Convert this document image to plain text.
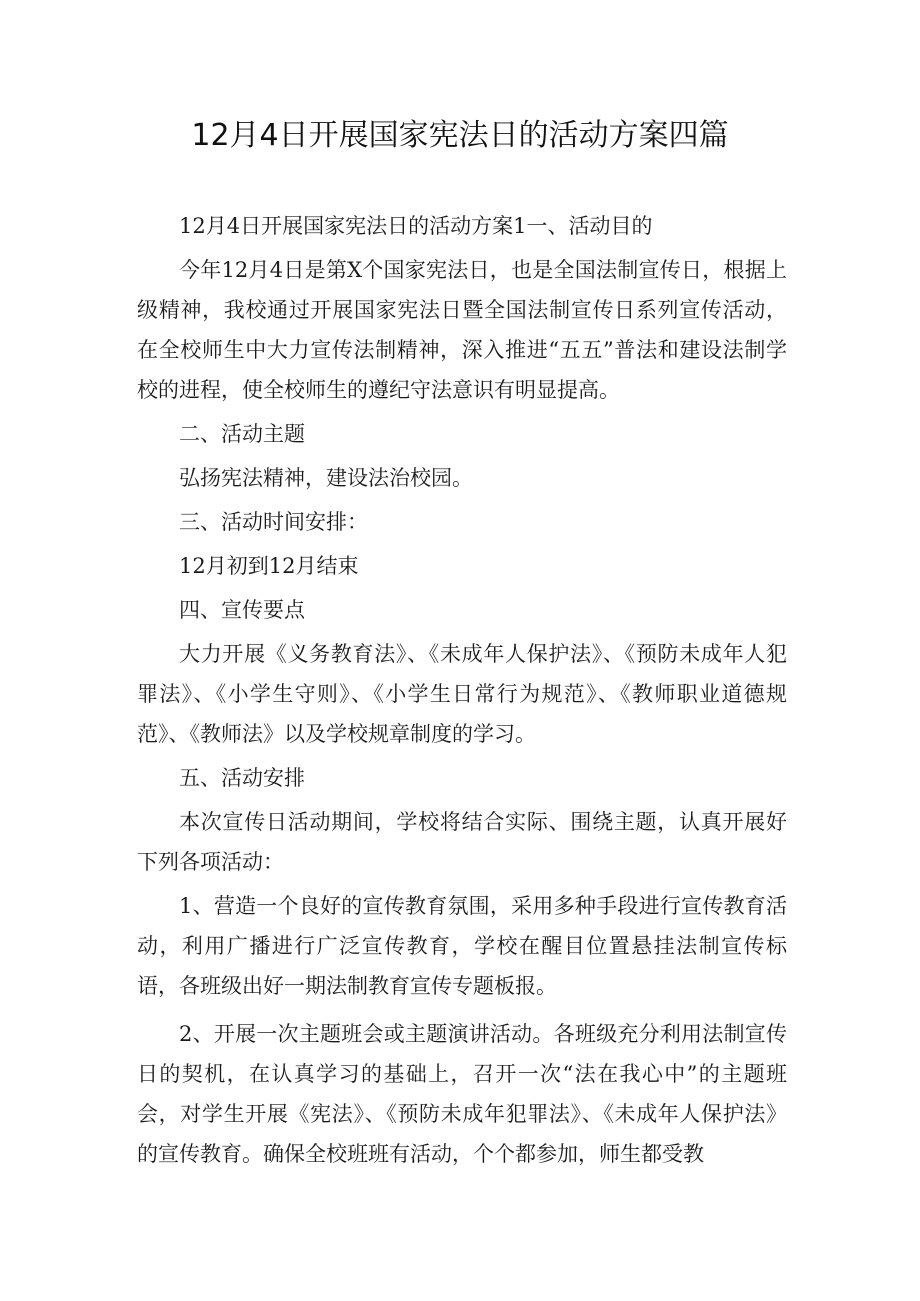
12月4日开展国家宪法日的活动方案四篇

12月4日开展国家宪法日的活动方案1一、活动目的

今年12月4日是第X个国家宪法日，也是全国法制宣传日，根据上级精神，我校通过开展国家宪法日暨全国法制宣传日系列宣传活动，在全校师生中大力宣传法制精神，深入推进“五五”普法和建设法制学校的进程，使全校师生的遵纪守法意识有明显提高。

二、活动主题

弘扬宪法精神，建设法治校园。

三、活动时间安排：

12月初到12月结束

四、宣传要点

大力开展《义务教育法》、《未成年人保护法》、《预防未成年人犯罪法》、《小学生守则》、《小学生日常行为规范》、《教师职业道德规范》、《教师法》以及学校规章制度的学习。

五、活动安排

本次宣传日活动期间，学校将结合实际、围绕主题，认真开展好下列各项活动：

1、营造一个良好的宣传教育氛围，采用多种手段进行宣传教育活动，利用广播进行广泛宣传教育，学校在醒目位置悬挂法制宣传标语，各班级出好一期法制教育宣传专题板报。

2、开展一次主题班会或主题演讲活动。各班级充分利用法制宣传日的契机，在认真学习的基础上，召开一次“法在我心中”的主题班会，对学生开展《宪法》、《预防未成年犯罪法》、《未成年人保护法》的宣传教育。确保全校班班有活动，个个都参加，师生都受教
